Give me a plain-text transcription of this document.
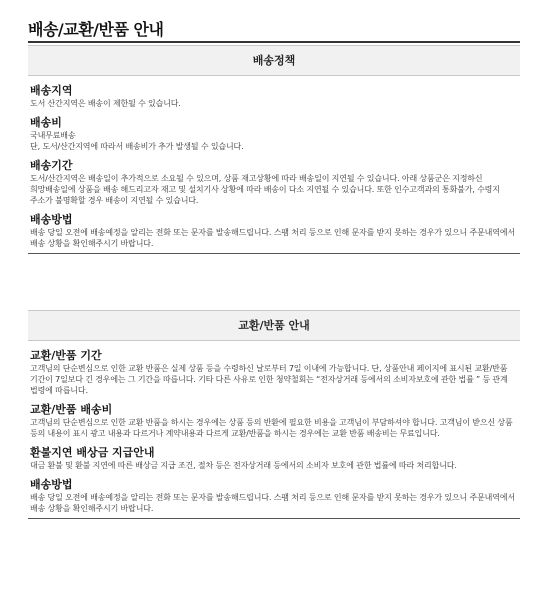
배송/교환/반품 안내
배송정책
배송지역
도서 산간지역은 배송이 제한될 수 있습니다.
배송비
국내무료배송
단, 도서/산간지역에 따라서 배송비가 추가 발생될 수 있습니다.
배송기간
도서/산간지역은 배송일이 추가적으로 소요될 수 있으며, 상품 재고상황에 따라 배송일이 지연될 수 있습니다. 아래 상품군은 지정하신 희망배송일에 상품을 배송 해드리고자 재고 및 설치기사 상황에 따라 배송이 다소 지연될 수 있습니다. 또한 인수고객과의 통화불가, 수령지 주소가 불명확할 경우 배송이 지연될 수 있습니다.
배송방법
배송 당일 오전에 배송예정을 알리는 전화 또는 문자를 발송해드립니다. 스팸 처리 등으로 인해 문자를 받지 못하는 경우가 있으니 주문내역에서 배송 상황을 확인해주시기 바랍니다.
교환/반품 안내
교환/반품 기간
고객님의 단순변심으로 인한 교환 반품은 실제 상품 등을 수령하신 날로부터 7일 이내에 가능합니다. 단, 상품안내 페이지에 표시된 교환/반품 기간이 7일보다 긴 경우에는 그 기간을 따릅니다. 기타 다른 사유로 인한 청약철회는 “전자상거래 등에서의 소비자보호에 관한 법률 ” 등 관계 법령에 따릅니다.
교환/반품 배송비
고객님의 단순변심으로 인한 교환 반품을 하시는 경우에는 상품 등의 반환에 필요한 비용을 고객님이 부담하셔야 합니다. 고객님이 받으신 상품 등의 내용이 표시 광고 내용과 다르거나 계약내용과 다르게 교환/반품을 하시는 경우에는 교환 반품 배송비는 무료입니다.
환불지연 배상금 지급안내
대금 환불 및 환불 지연에 따른 배상금 지급 조건, 절차 등은 전자상거래 등에서의 소비자 보호에 관한 법률에 따라 처리합니다.
배송방법
배송 당일 오전에 배송예정을 알리는 전화 또는 문자를 발송해드립니다. 스팸 처리 등으로 인해 문자를 받지 못하는 경우가 있으니 주문내역에서 배송 상황을 확인해주시기 바랍니다.
